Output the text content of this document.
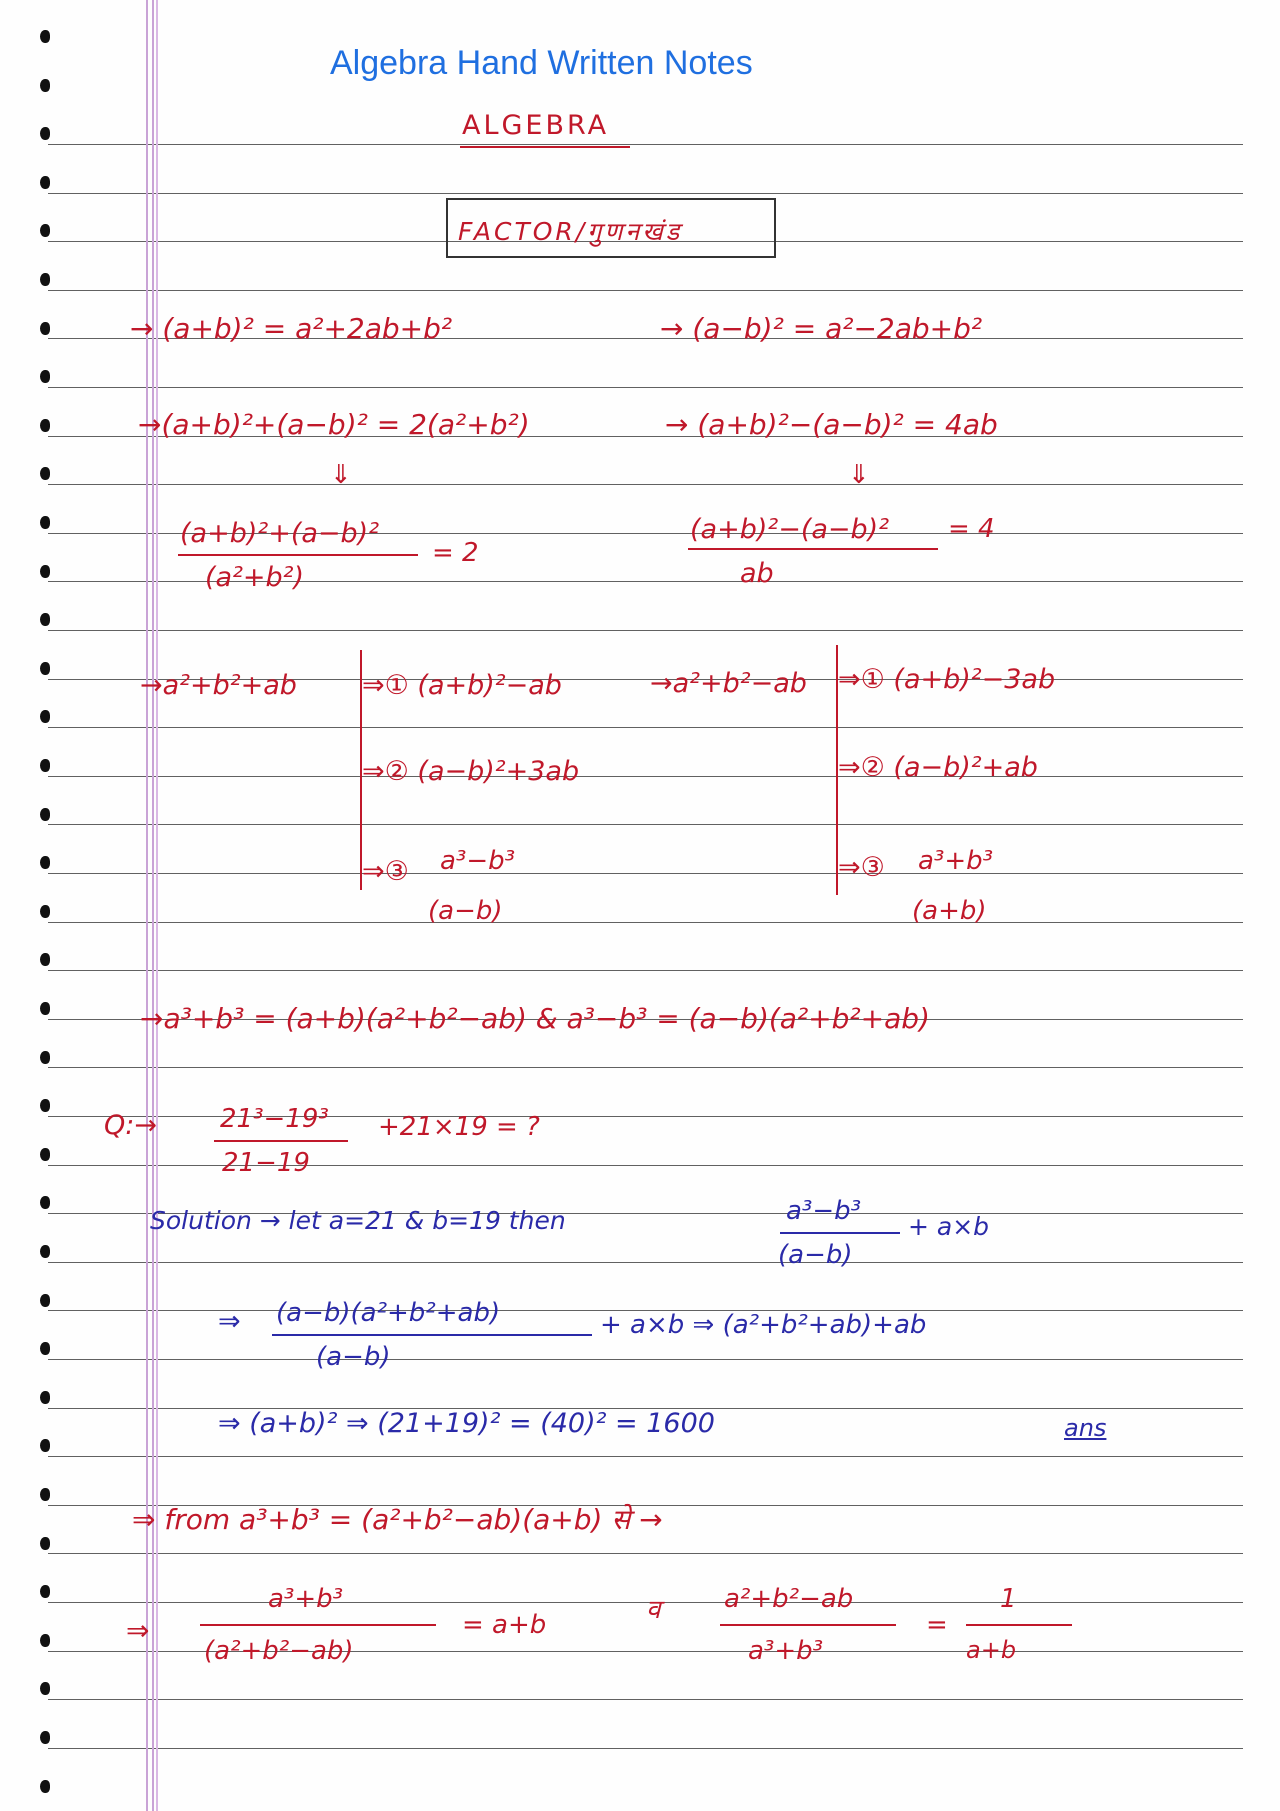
Algebra Hand Written Notes
ALGEBRA
FACTOR/गुणनखंड
→ (a+b)² = a²+2ab+b²	→ (a−b)² = a²−2ab+b²
→(a+b)²+(a−b)² = 2(a²+b²)	→ (a+b)²−(a−b)² = 4ab
⇓	⇓
(a+b)²+(a−b)²
(a²+b²)
= 2
(a+b)²−(a−b)²
ab
= 4
→a²+b²+ab ⇒① (a+b)²−ab
⇒② (a−b)²+3ab
⇒③ a³−b³
(a−b)
→a²+b²−ab ⇒① (a+b)²−3ab
⇒② (a−b)²+ab
⇒③ a³+b³
(a+b)
→a³+b³ = (a+b)(a²+b²−ab) & a³−b³ = (a−b)(a²+b²+ab)
Q:→ 21³−19³
21−19
+21×19 = ?
Solution → let a=21 & b=19 then	a³−b³
(a−b)
+ a×b
⇒ (a−b)(a²+b²+ab)
(a−b)
+ a×b ⇒ (a²+b²+ab)+ab
⇒ (a+b)² ⇒ (21+19)² = (40)² = 1600	ans
⇒ from a³+b³ = (a²+b²−ab)(a+b) से →
⇒
a³+b³
(a²+b²−ab)
= a+b	व a²+b²−ab
a³+b³
=
1
a+b
